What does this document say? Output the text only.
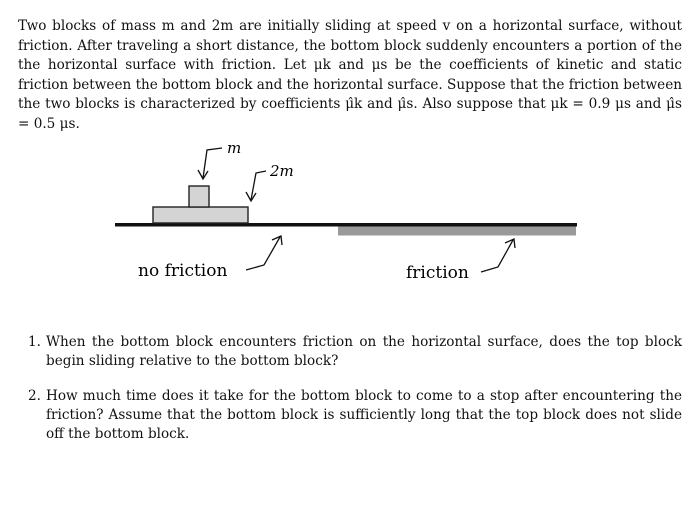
Two blocks of mass m and 2m are initially sliding at speed v on a horizontal surface, without friction. After traveling a short distance, the bottom block suddenly encounters a portion of the the horizontal surface with friction. Let μk and μs be the coefficients of kinetic and static friction between the bottom block and the horizontal surface. Suppose that the friction between the two blocks is characterized by coefficients μ̂k and μ̂s. Also suppose that μk = 0.9 μs and μ̂s = 0.5 μs.

m
2m
no friction	friction
1. When the bottom block encounters friction on the horizontal surface, does the top block begin sliding relative to the bottom block?
2. How much time does it take for the bottom block to come to a stop after encountering the friction? Assume that the bottom block is sufficiently long that the top block does not slide off the bottom block.
